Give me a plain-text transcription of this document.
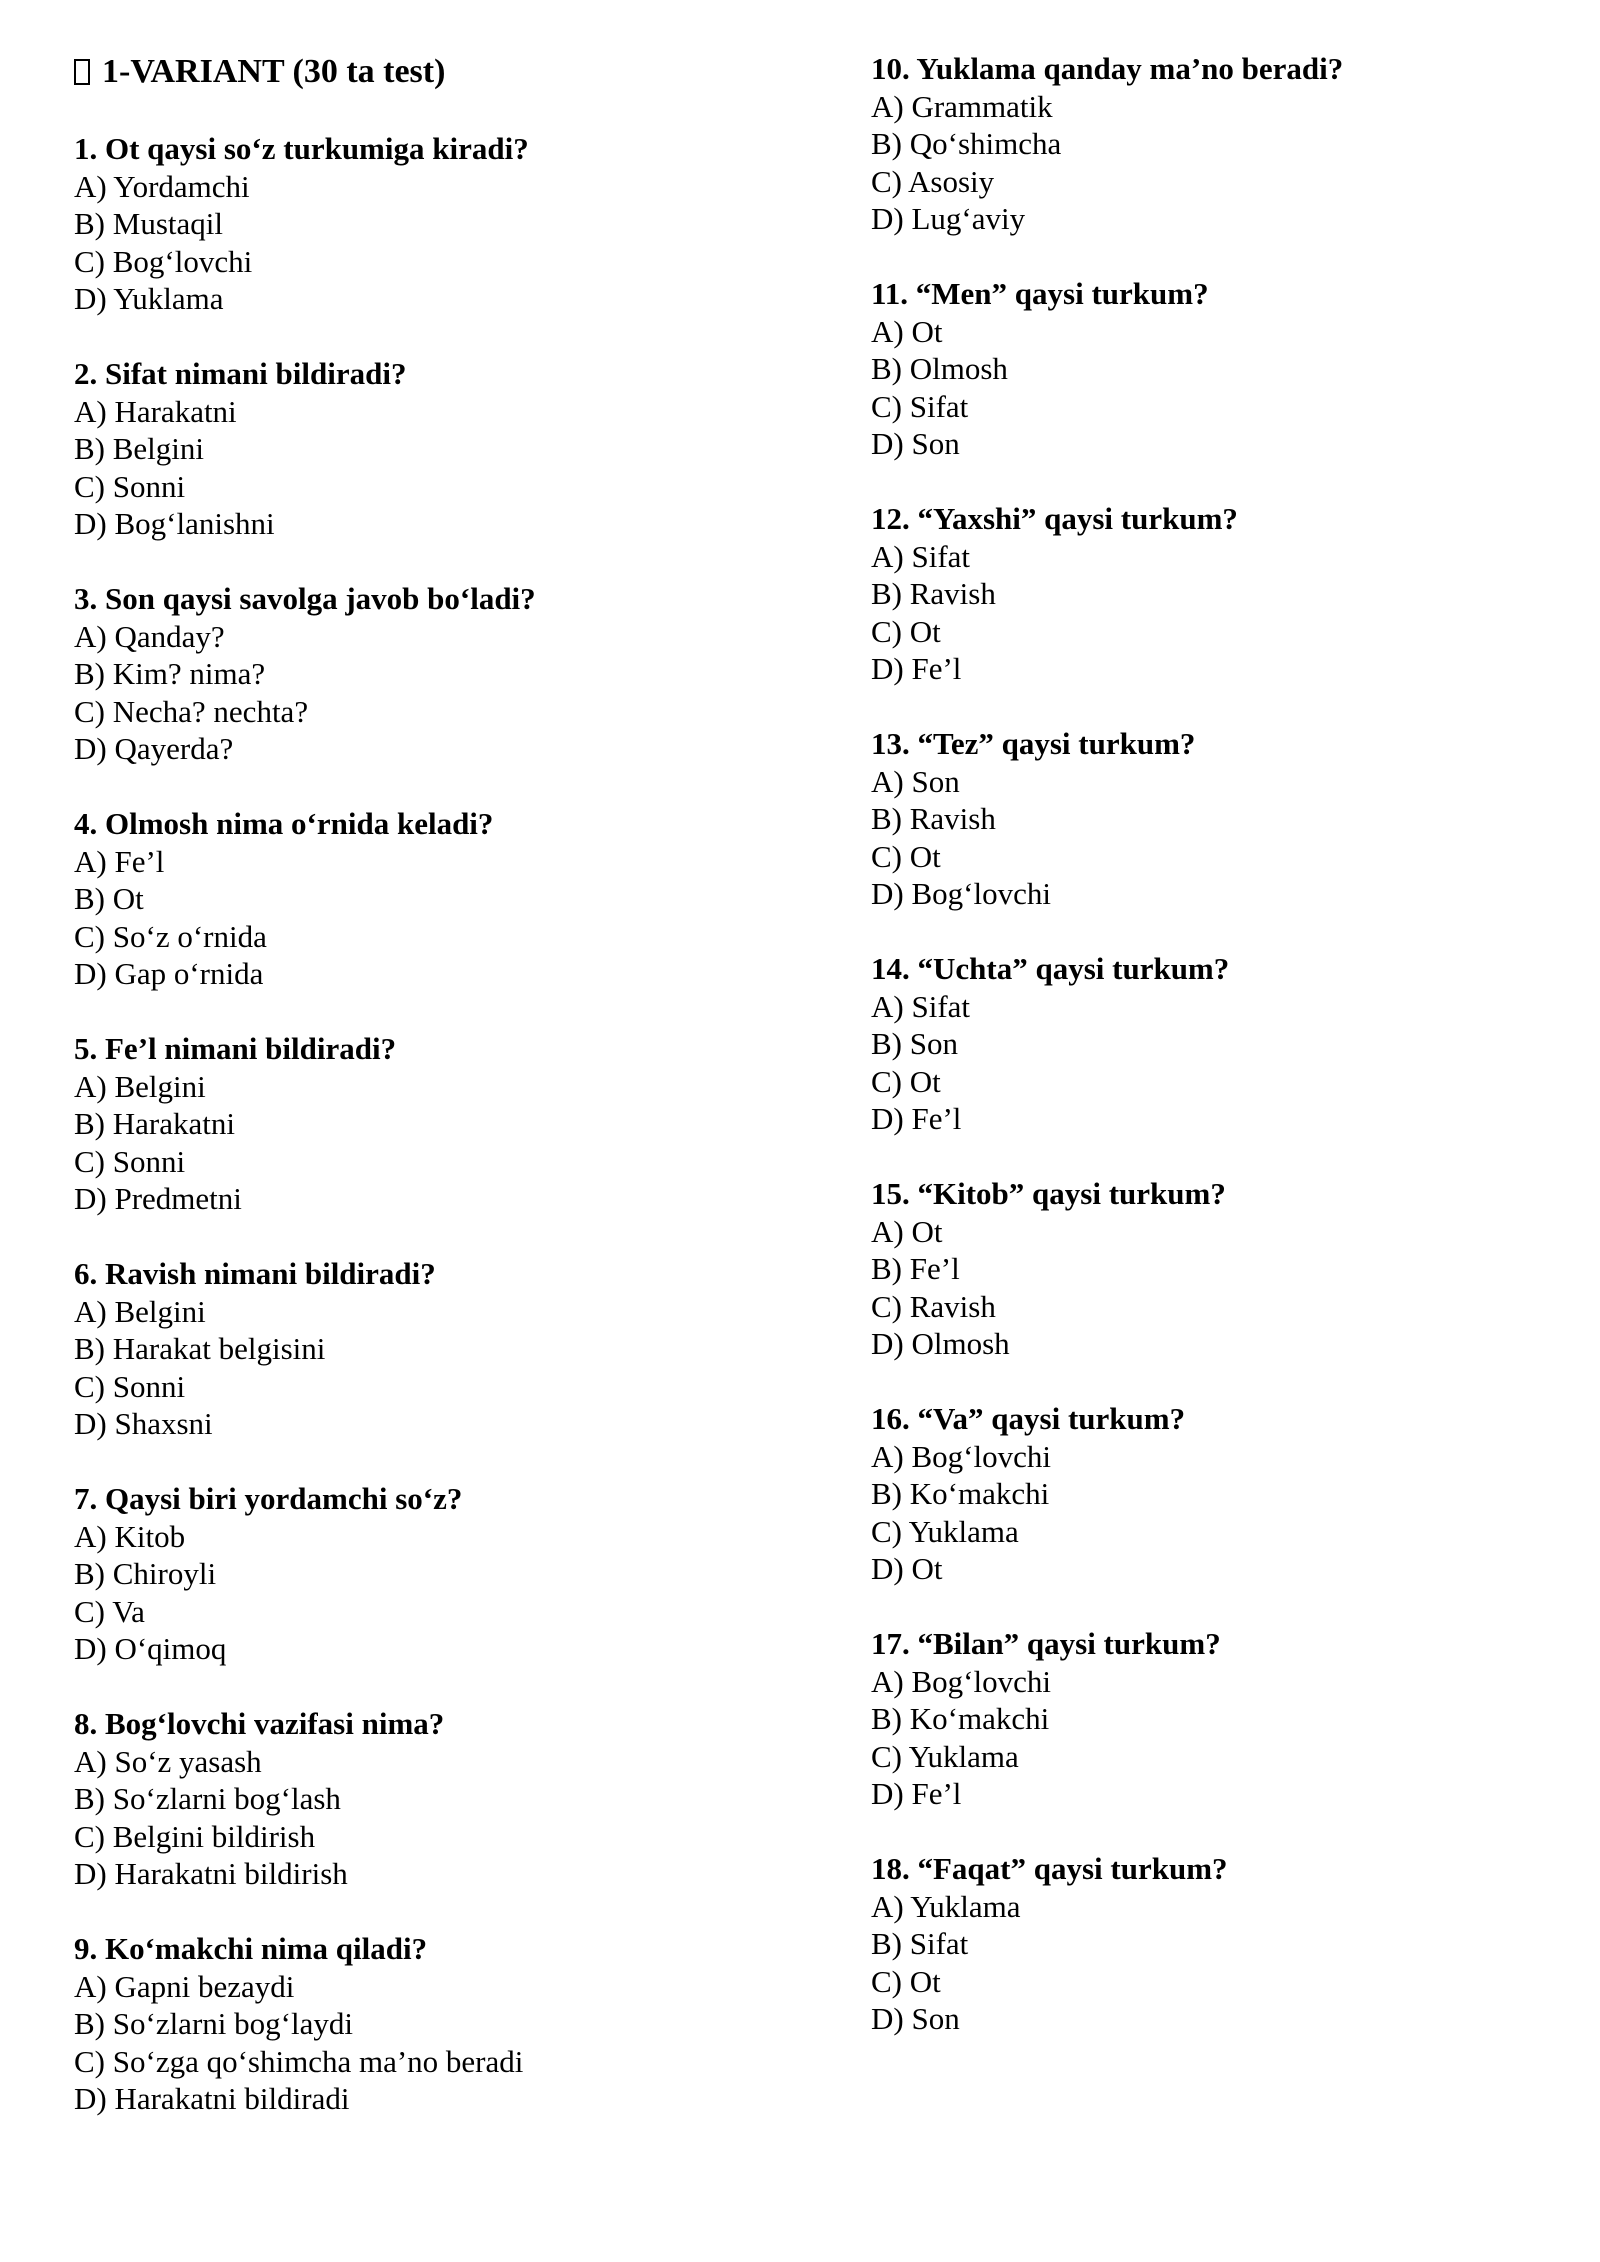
1-VARIANT (30 ta test)
1. Ot qaysi so‘z turkumiga kiradi?
A) Yordamchi
B) Mustaqil
C) Bog‘lovchi
D) Yuklama
2. Sifat nimani bildiradi?
A) Harakatni
B) Belgini
C) Sonni
D) Bog‘lanishni
3. Son qaysi savolga javob bo‘ladi?
A) Qanday?
B) Kim? nima?
C) Necha? nechta?
D) Qayerda?
4. Olmosh nima o‘rnida keladi?
A) Fe’l
B) Ot
C) So‘z o‘rnida
D) Gap o‘rnida
5. Fe’l nimani bildiradi?
A) Belgini
B) Harakatni
C) Sonni
D) Predmetni
6. Ravish nimani bildiradi?
A) Belgini
B) Harakat belgisini
C) Sonni
D) Shaxsni
7. Qaysi biri yordamchi so‘z?
A) Kitob
B) Chiroyli
C) Va
D) O‘qimoq
8. Bog‘lovchi vazifasi nima?
A) So‘z yasash
B) So‘zlarni bog‘lash
C) Belgini bildirish
D) Harakatni bildirish
9. Ko‘makchi nima qiladi?
A) Gapni bezaydi
B) So‘zlarni bog‘laydi
C) So‘zga qo‘shimcha ma’no beradi
D) Harakatni bildiradi
10. Yuklama qanday ma’no beradi?
A) Grammatik
B) Qo‘shimcha
C) Asosiy
D) Lug‘aviy
11. “Men” qaysi turkum?
A) Ot
B) Olmosh
C) Sifat
D) Son
12. “Yaxshi” qaysi turkum?
A) Sifat
B) Ravish
C) Ot
D) Fe’l
13. “Tez” qaysi turkum?
A) Son
B) Ravish
C) Ot
D) Bog‘lovchi
14. “Uchta” qaysi turkum?
A) Sifat
B) Son
C) Ot
D) Fe’l
15. “Kitob” qaysi turkum?
A) Ot
B) Fe’l
C) Ravish
D) Olmosh
16. “Va” qaysi turkum?
A) Bog‘lovchi
B) Ko‘makchi
C) Yuklama
D) Ot
17. “Bilan” qaysi turkum?
A) Bog‘lovchi
B) Ko‘makchi
C) Yuklama
D) Fe’l
18. “Faqat” qaysi turkum?
A) Yuklama
B) Sifat
C) Ot
D) Son
